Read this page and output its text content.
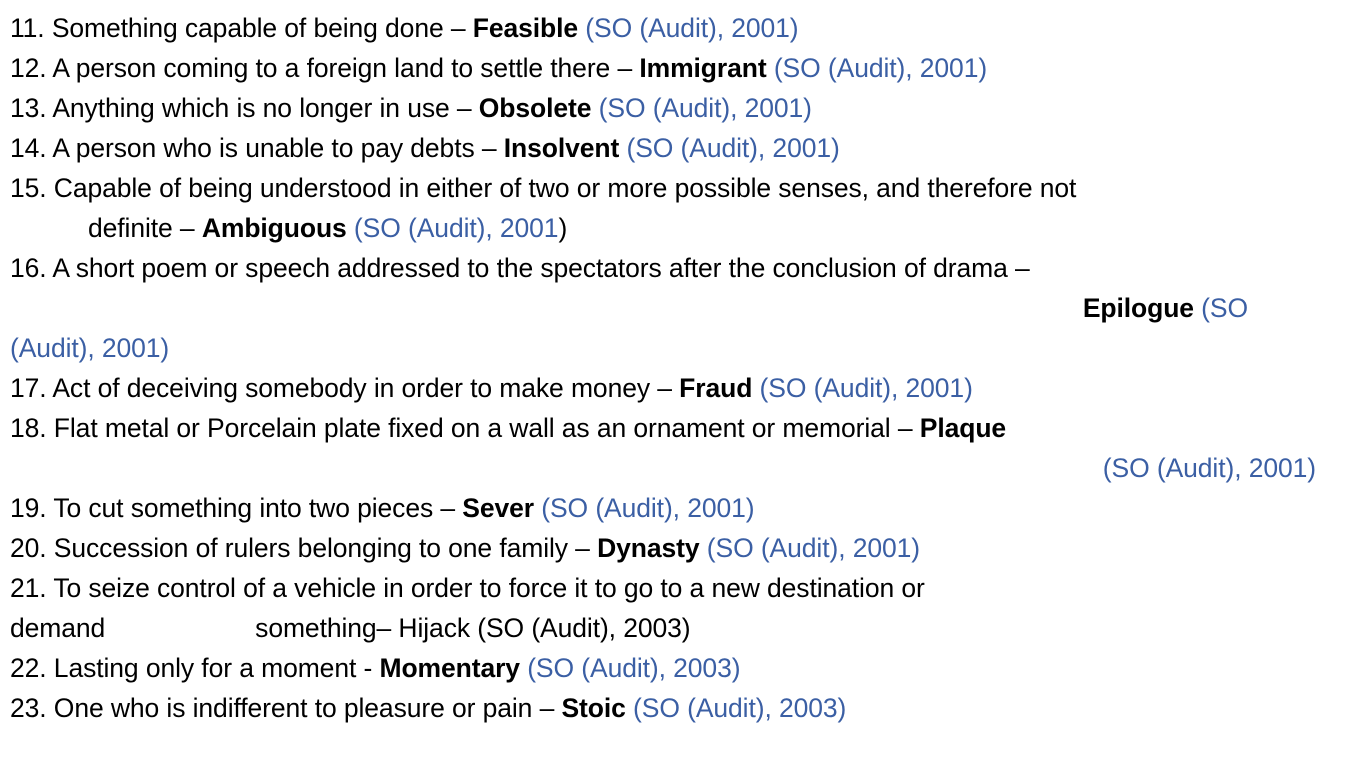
11. Something capable of being done – Feasible (SO (Audit), 2001)
12. A person coming to a foreign land to settle there – Immigrant (SO (Audit), 2001)
13. Anything which is no longer in use – Obsolete (SO (Audit), 2001)
14. A person who is unable to pay debts – Insolvent (SO (Audit), 2001)
15. Capable of being understood in either of two or more possible senses, and therefore not
definite – Ambiguous (SO (Audit), 2001)
16. A short poem or speech addressed to the spectators after the conclusion of drama –
Epilogue (SO
(Audit), 2001)
17. Act of deceiving somebody in order to make money – Fraud (SO (Audit), 2001)
18. Flat metal or Porcelain plate fixed on a wall as an ornament or memorial – Plaque
(SO (Audit), 2001)
19. To cut something into two pieces – Sever (SO (Audit), 2001)
20. Succession of rulers belonging to one family – Dynasty (SO (Audit), 2001)
21. To seize control of a vehicle in order to force it to go to a new destination or
demand	something– Hijack (SO (Audit), 2003)
22. Lasting only for a moment - Momentary (SO (Audit), 2003)
23. One who is indifferent to pleasure or pain – Stoic (SO (Audit), 2003)
